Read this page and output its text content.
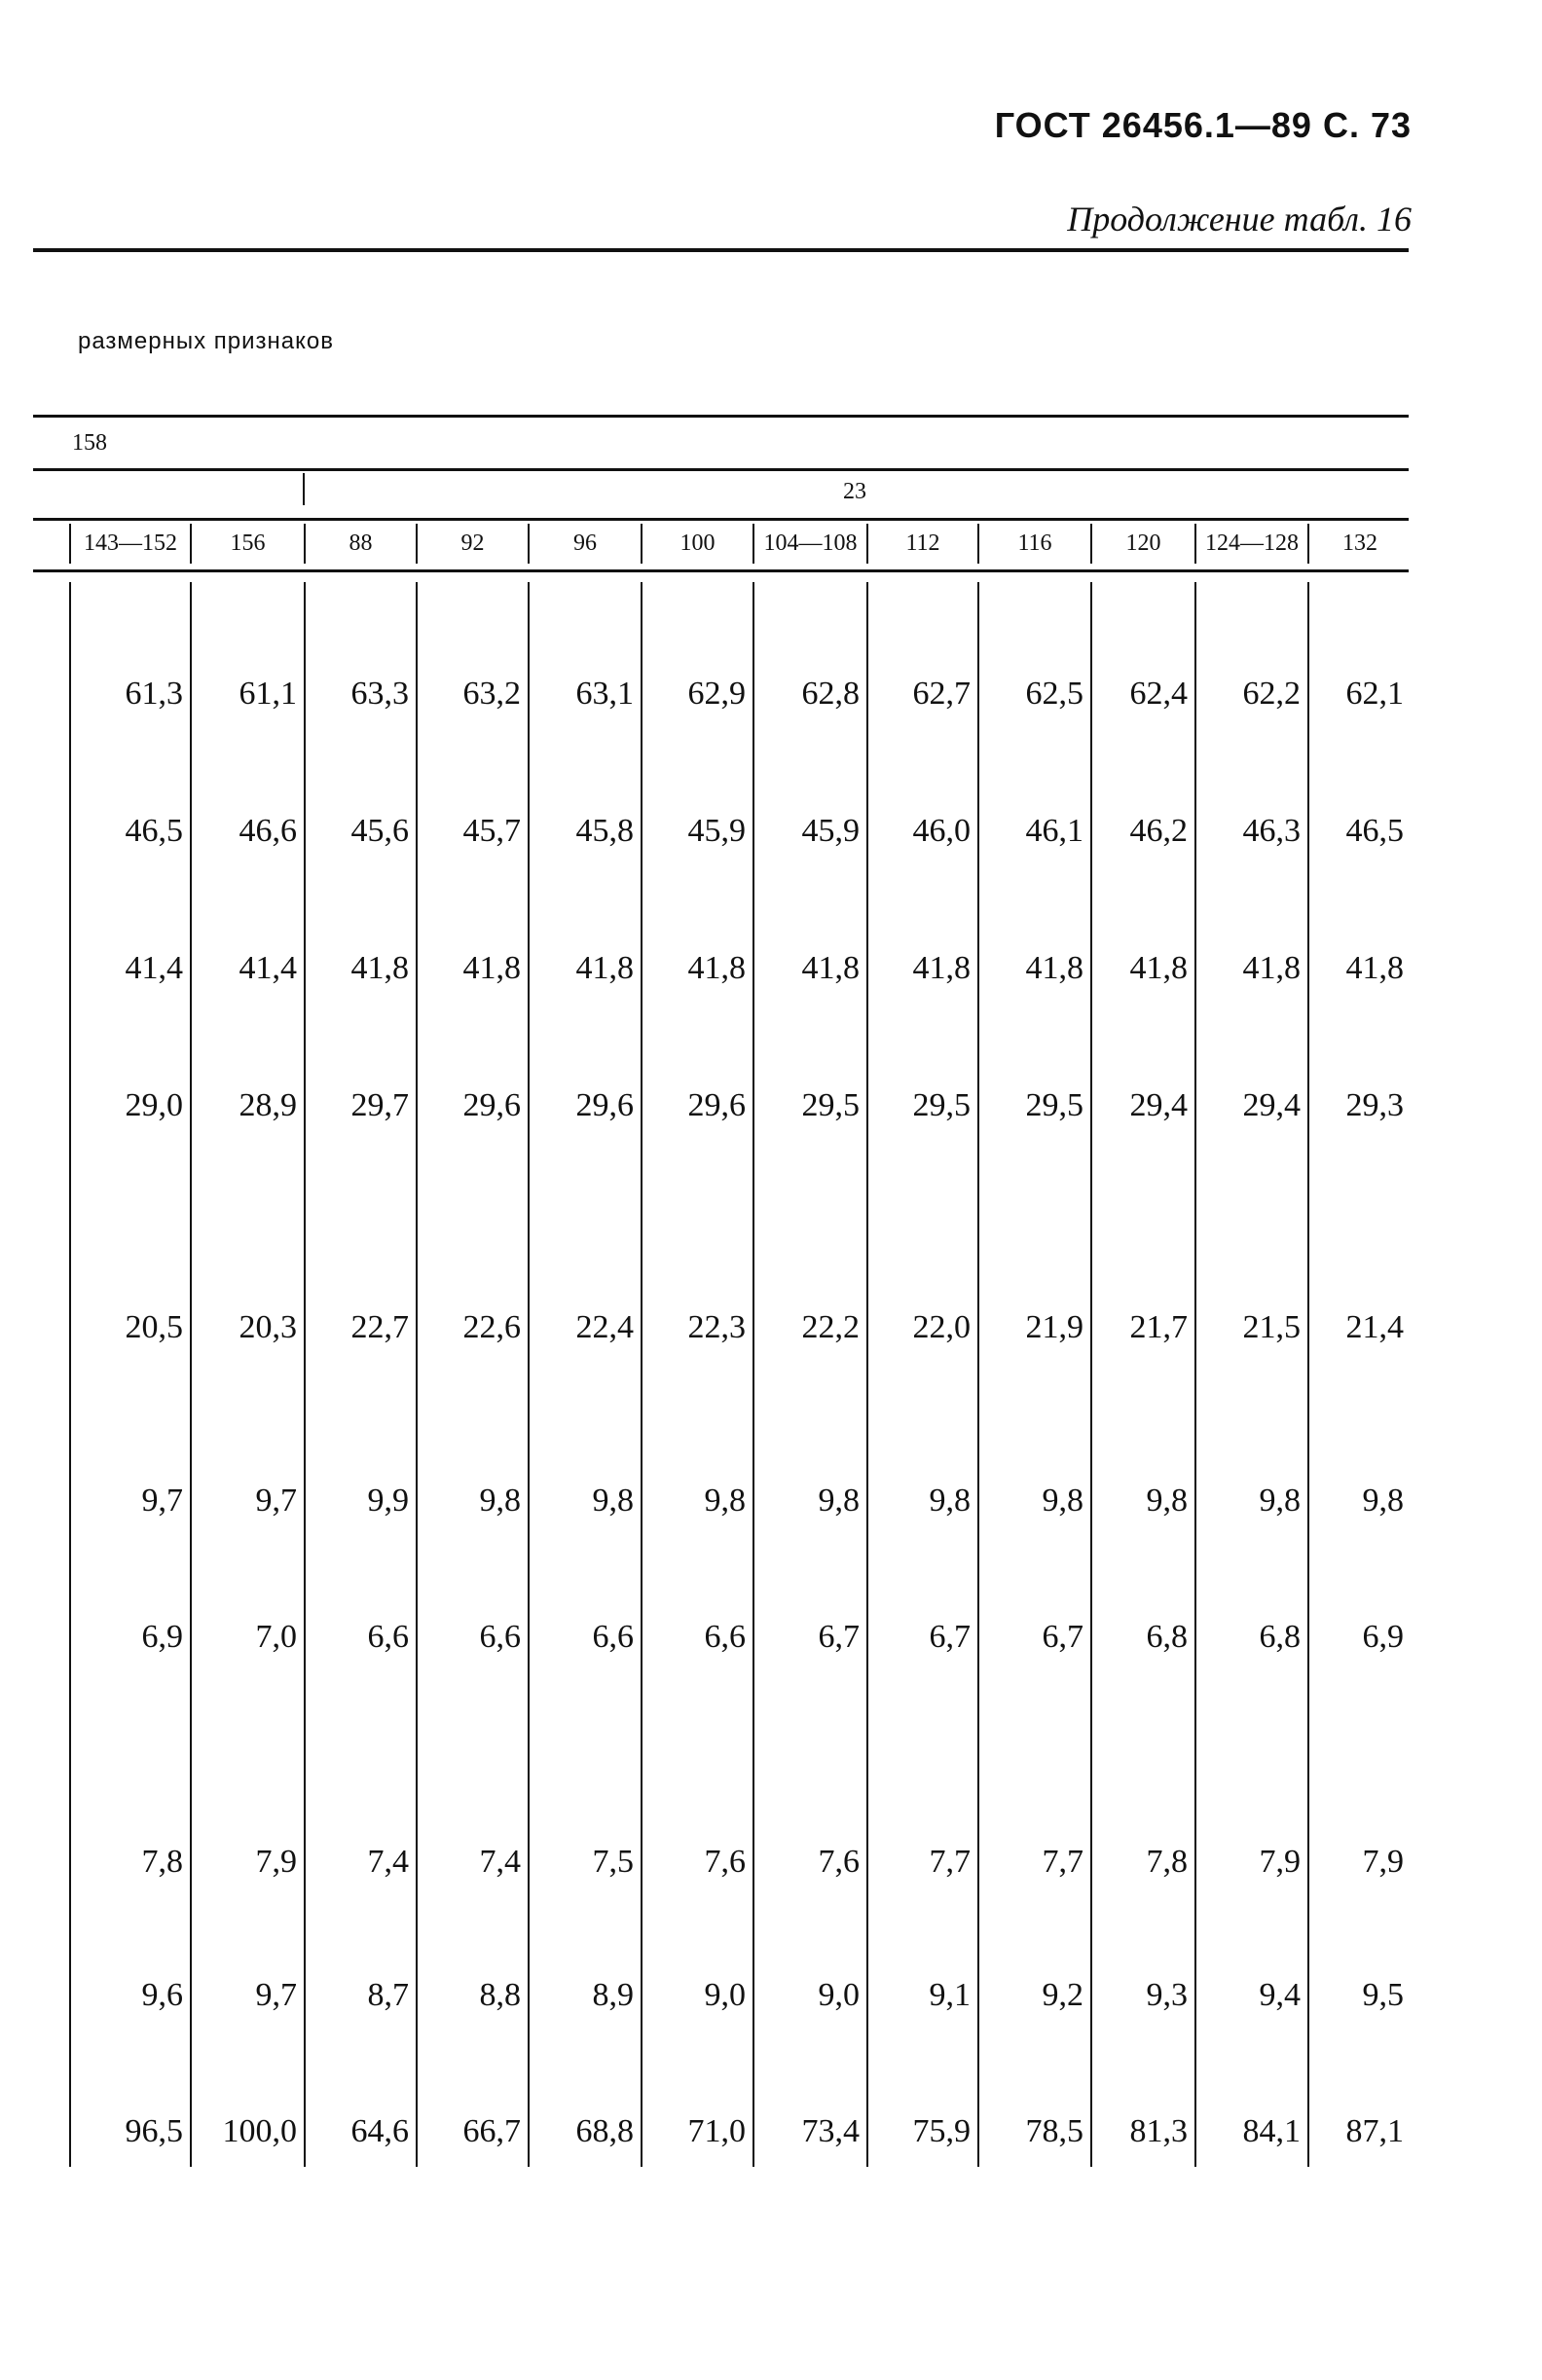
ГОСТ 26456.1—89 С. 73
Продолжение табл. 16
размерных признаков
158
23
143—152	156	88	92	96	100	104—108	112	116	120	124—128	132
61,3	61,1	63,3	63,2	63,1	62,9	62,8	62,7	62,5	62,4	62,2	62,1
46,5	46,6	45,6	45,7	45,8	45,9	45,9	46,0	46,1	46,2	46,3	46,5
41,4	41,4	41,8	41,8	41,8	41,8	41,8	41,8	41,8	41,8	41,8	41,8
29,0	28,9	29,7	29,6	29,6	29,6	29,5	29,5	29,5	29,4	29,4	29,3
20,5	20,3	22,7	22,6	22,4	22,3	22,2	22,0	21,9	21,7	21,5	21,4
9,7	9,7	9,9	9,8	9,8	9,8	9,8	9,8	9,8	9,8	9,8	9,8
6,9	7,0	6,6	6,6	6,6	6,6	6,7	6,7	6,7	6,8	6,8	6,9
7,8	7,9	7,4	7,4	7,5	7,6	7,6	7,7	7,7	7,8	7,9	7,9
9,6	9,7	8,7	8,8	8,9	9,0	9,0	9,1	9,2	9,3	9,4	9,5
96,5	100,0	64,6	66,7	68,8	71,0	73,4	75,9	78,5	81,3	84,1	87,1
